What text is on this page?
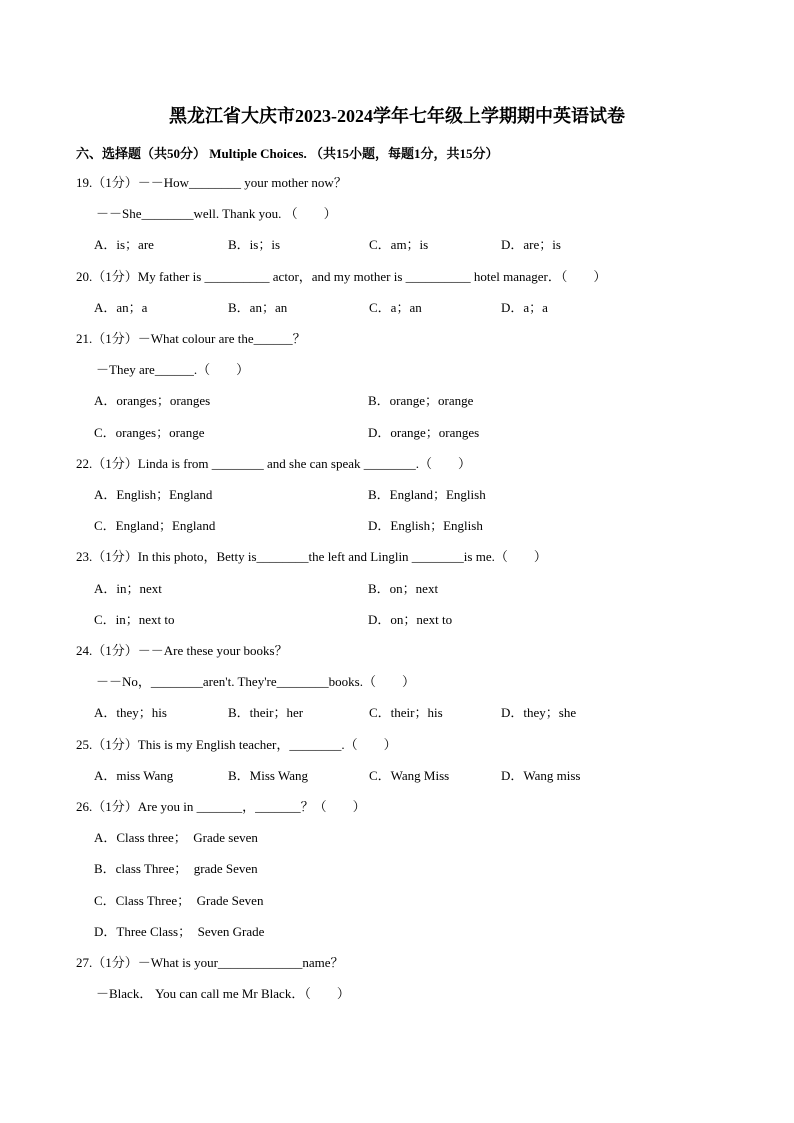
黑龙江省大庆市2023-2024学年七年级上学期期中英语试卷
六、选择题（共50分） Multiple Choices. （共15小题，每题1分，共15分）
19.（1分）－－How________ your mother now？
－－She________well. Thank you. （　　）
A．is；are	B．is；is	C．am；is	D．are；is
20.（1分）My father is __________ actor，and my mother is __________ hotel manager．（　　）
A．an；a	B．an；an	C．a；an	D．a；a
21.（1分）－What colour are the______？
－They are______.（　　）
A．oranges；oranges	B．orange；orange
C．oranges；orange	D．orange；oranges
22.（1分）Linda is from ________ and she can speak ________.（　　）
A．English；England	B．England；English
C．England；England	D．English；English
23.（1分）In this photo，Betty is________the left and Linglin ________is me.（　　）
A．in；next	B．on；next
C．in；next to	D．on；next to
24.（1分）－－Are these your books？
－－No，________aren't. They're________books.（　　）
A．they；his	B．their；her	C．their；his	D．they；she
25.（1分）This is my English teacher，________.（　　）
A．miss Wang	B．Miss Wang	C．Wang Miss	D．Wang miss
26.（1分）Are you in _______，_______？（　　）
A．Class three；　Grade seven
B．class Three；　grade Seven
C．Class Three；　Grade Seven
D．Three Class；　Seven Grade
27.（1分）－What is your_____________name？
－Black． You can call me Mr Black．（　　）
